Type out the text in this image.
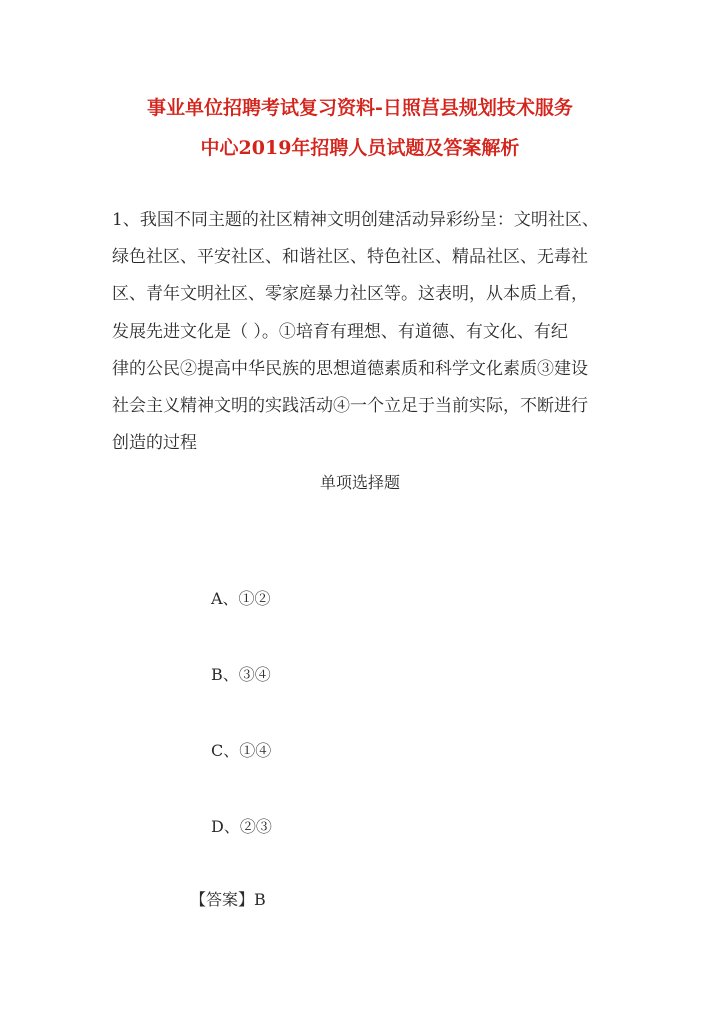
事业单位招聘考试复习资料-日照莒县规划技术服务
中心2019年招聘人员试题及答案解析
1、我国不同主题的社区精神文明创建活动异彩纷呈：文明社区、
绿色社区、平安社区、和谐社区、特色社区、精品社区、无毒社
区、青年文明社区、零家庭暴力社区等。这表明，从本质上看，
发展先进文化是（ ）。①培育有理想、有道德、有文化、有纪
律的公民②提高中华民族的思想道德素质和科学文化素质③建设
社会主义精神文明的实践活动④一个立足于当前实际，不断进行
创造的过程
单项选择题
A、①②
B、③④
C、①④
D、②③
【答案】B
